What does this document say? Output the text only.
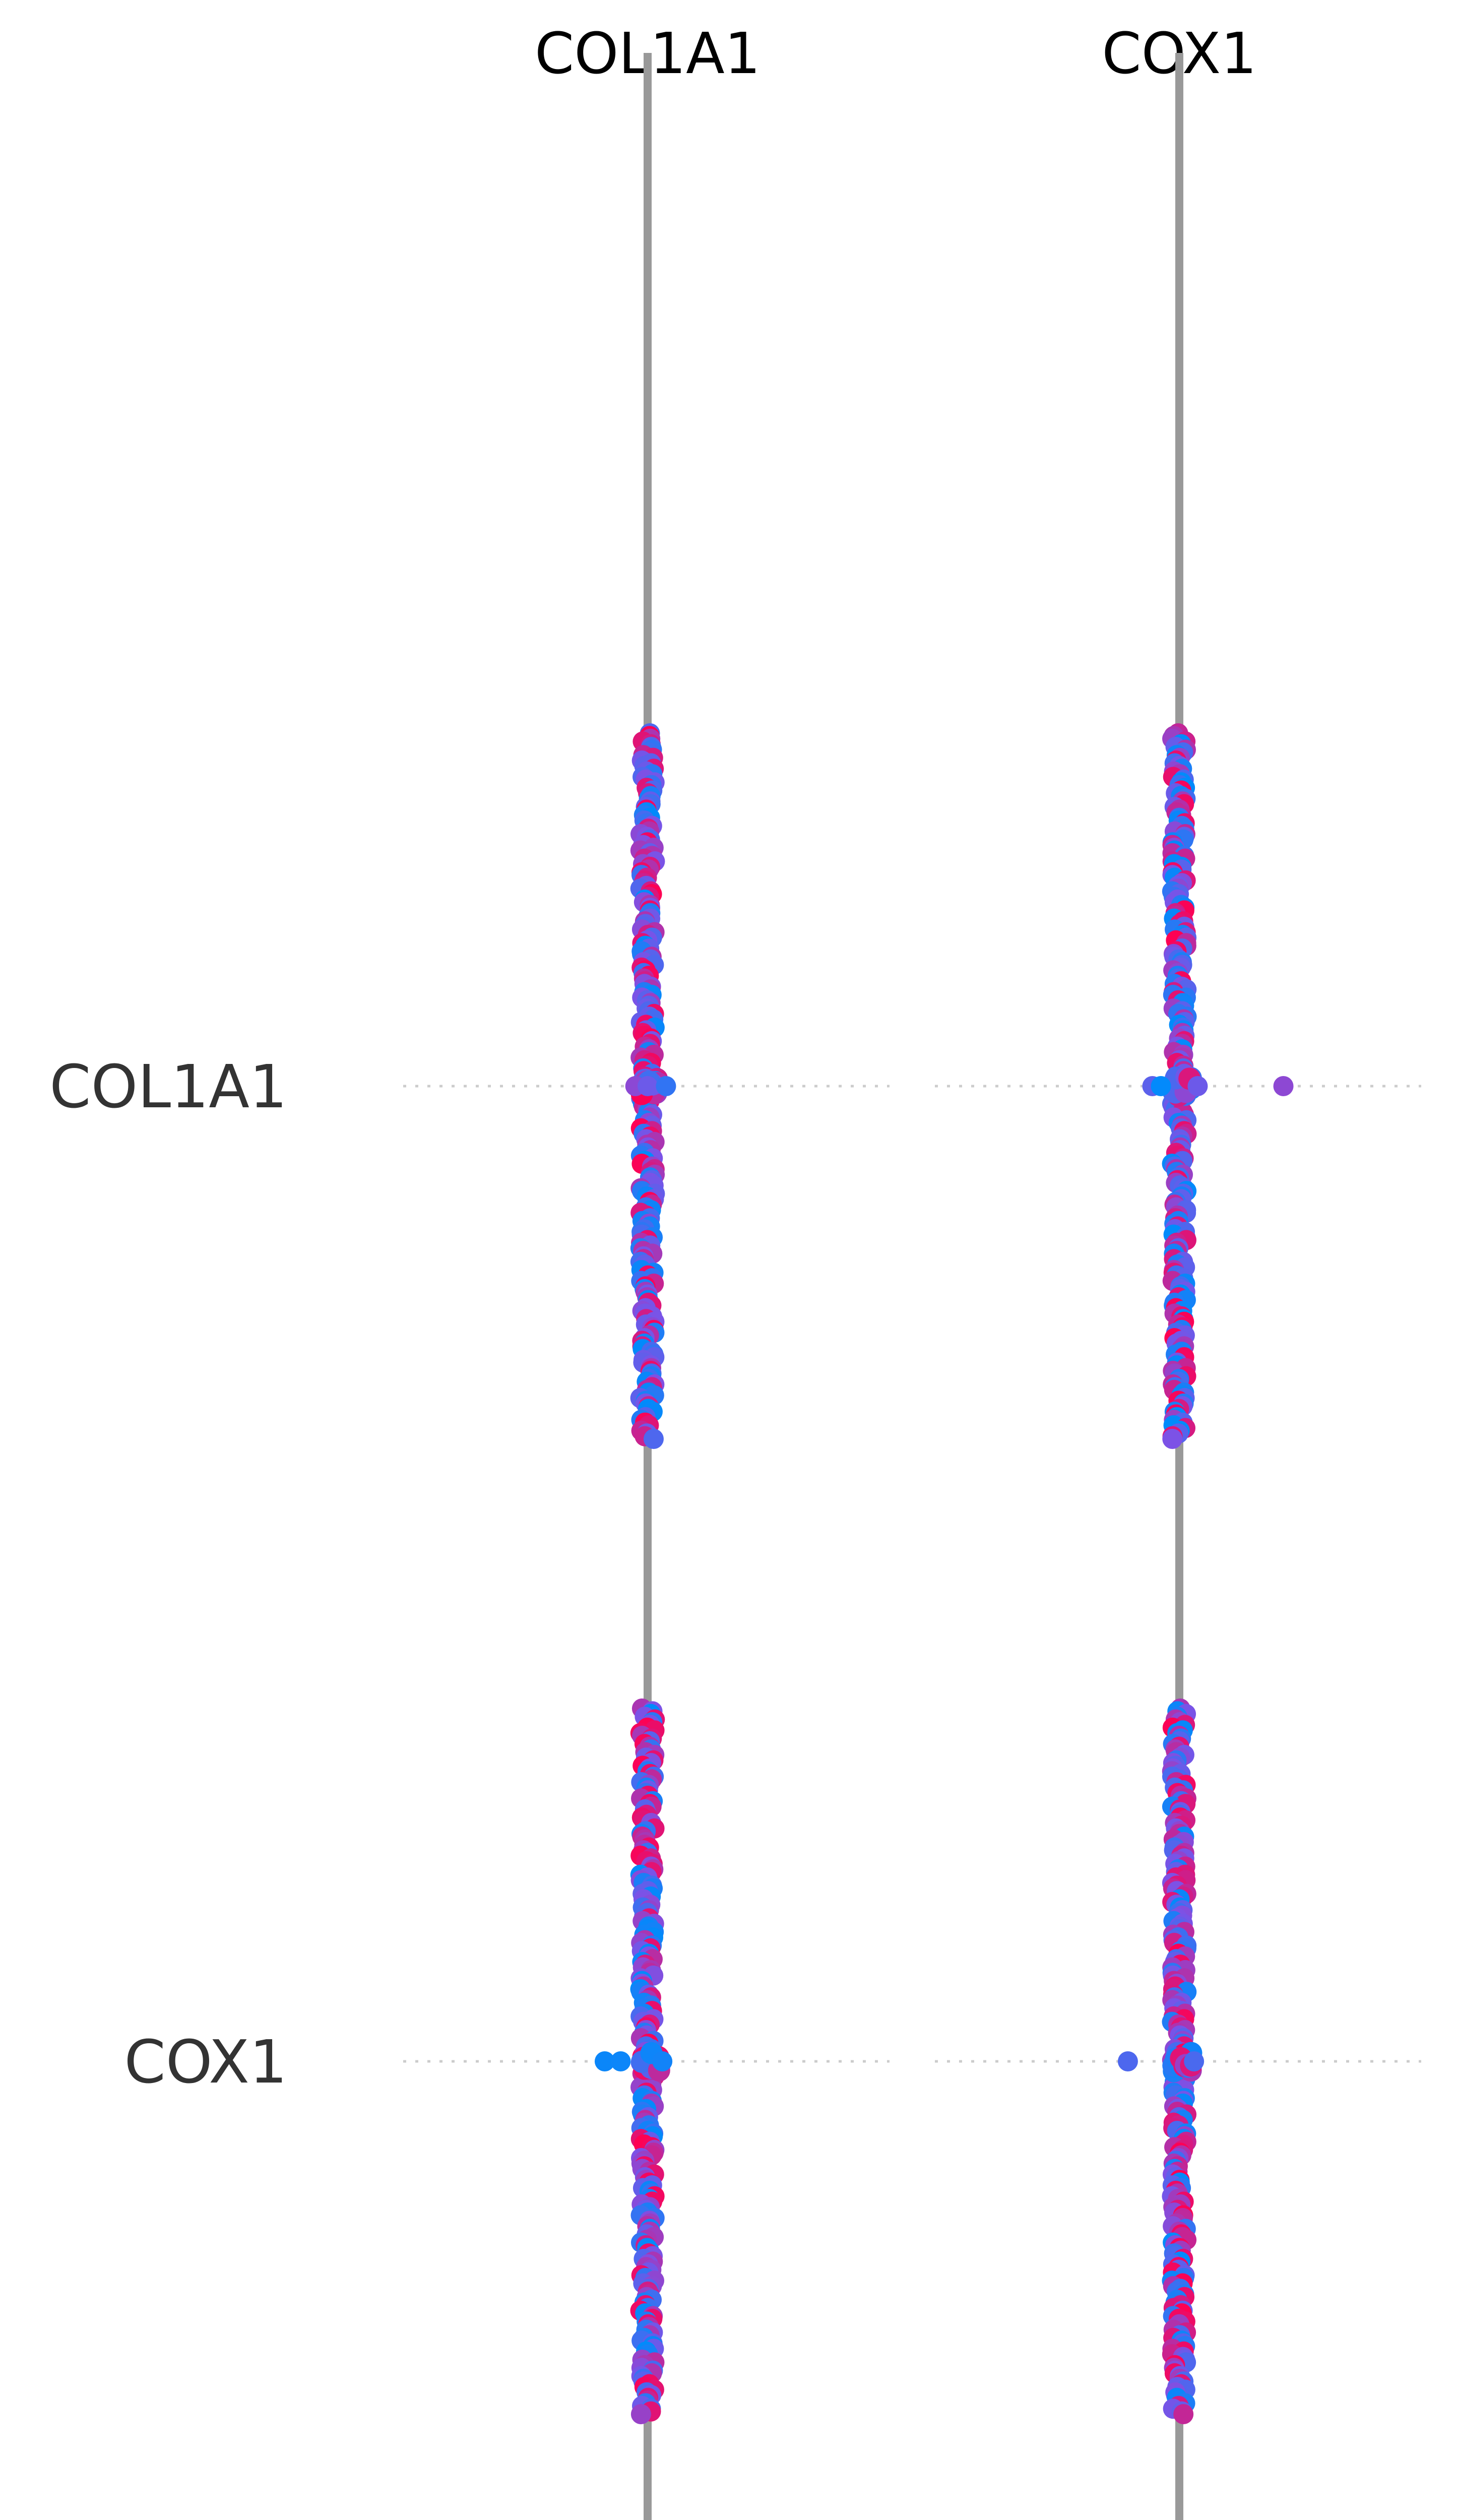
COL1A1
COX1
COL1A1	COX1
